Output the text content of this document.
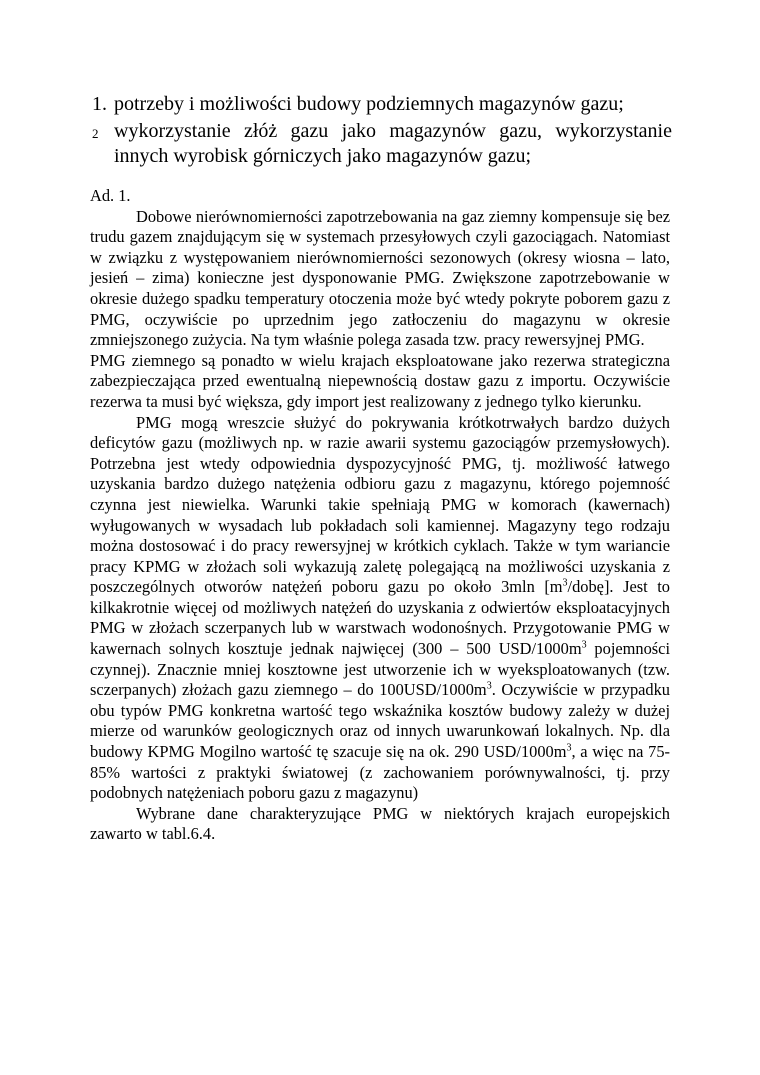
1. potrzeby i możliwości budowy podziemnych magazynów gazu;
2 wykorzystanie złóż gazu jako magazynów gazu, wykorzystanie innych wyrobisk górniczych jako magazynów gazu;

Ad. 1.

Dobowe nierównomierności zapotrzebowania na gaz ziemny kompensuje się bez trudu gazem znajdującym się w systemach przesyłowych czyli gazociągach. Natomiast w związku z występowaniem nierównomierności sezonowych (okresy wiosna – lato, jesień – zima) konieczne jest dysponowanie PMG. Zwiększone zapotrzebowanie w okresie dużego spadku temperatury otoczenia może być wtedy pokryte poborem gazu z PMG, oczywiście po uprzednim jego zatłoczeniu do magazynu w okresie zmniejszonego zużycia. Na tym właśnie polega zasada tzw. pracy rewersyjnej PMG.

PMG ziemnego są ponadto w wielu krajach eksploatowane jako rezerwa strategiczna zabezpieczająca przed ewentualną niepewnością dostaw gazu z importu. Oczywiście rezerwa ta musi być większa, gdy import jest realizowany z jednego tylko kierunku.

PMG mogą wreszcie służyć do pokrywania krótkotrwałych bardzo dużych deficytów gazu (możliwych np. w razie awarii systemu gazociągów przemysłowych). Potrzebna jest wtedy odpowiednia dyspozycyjność PMG, tj. możliwość łatwego uzyskania bardzo dużego natężenia odbioru gazu z magazynu, którego pojemność czynna jest niewielka. Warunki takie spełniają PMG w komorach (kawernach) wyługowanych w wysadach lub pokładach soli kamiennej. Magazyny tego rodzaju można dostosować i do pracy rewersyjnej w krótkich cyklach. Także w tym wariancie pracy KPMG w złożach soli wykazują zaletę polegającą na możliwości uzyskania z poszczególnych otworów natężeń poboru gazu po około 3mln $[m^3/dobę]$. Jest to kilkakrotnie więcej od możliwych natężeń do uzyskania z odwiertów eksploatacyjnych PMG w złożach sczerpanych lub w warstwach wodonośnych. Przygotowanie PMG w kawernach solnych kosztuje jednak najwięcej (300 – 500 USD/$1000m^3$ pojemności czynnej). Znacznie mniej kosztowne jest utworzenie ich w wyeksploatowanych (tzw. sczerpanych) złożach gazu ziemnego – do $100USD/1000m^3$. Oczywiście w przypadku obu typów PMG konkretna wartość tego wskaźnika kosztów budowy zależy w dużej mierze od warunków geologicznych oraz od innych uwarunkowań lokalnych. Np. dla budowy KPMG Mogilno wartość tę szacuje się na ok. 290 USD/$1000m^3$, a więc na 75-85% wartości z praktyki światowej (z zachowaniem porównywalności, tj. przy podobnych natężeniach poboru gazu z magazynu)

Wybrane dane charakteryzujące PMG w niektórych krajach europejskich zawarto w tabl.6.4.
